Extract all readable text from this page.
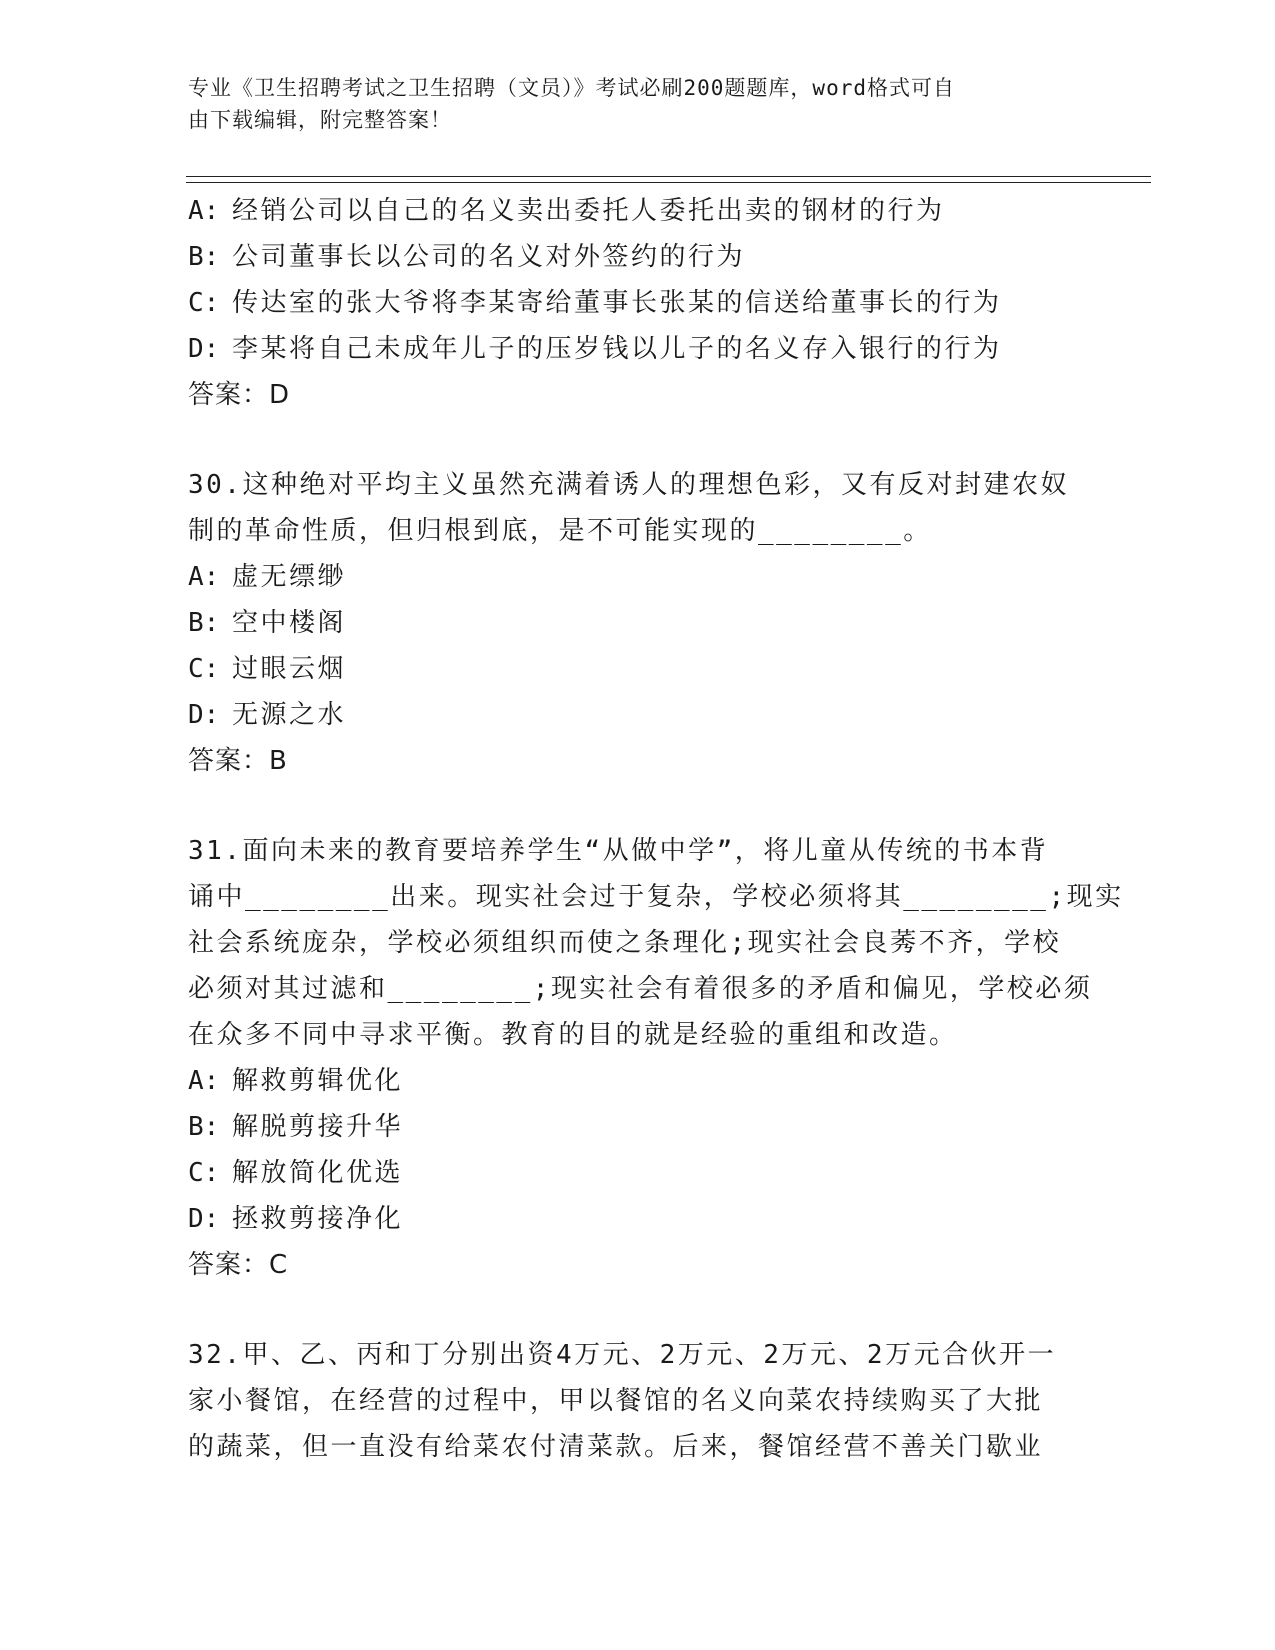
专业《卫生招聘考试之卫生招聘（文员）》考试必刷200题题库，word格式可自
由下载编辑，附完整答案！
A: 经销公司以自己的名义卖出委托人委托出卖的钢材的行为
B: 公司董事长以公司的名义对外签约的行为
C: 传达室的张大爷将李某寄给董事长张某的信送给董事长的行为
D: 李某将自己未成年儿子的压岁钱以儿子的名义存入银行的行为
答案：D
30.这种绝对平均主义虽然充满着诱人的理想色彩，又有反对封建农奴
制的革命性质，但归根到底，是不可能实现的________。
A: 虚无缥缈
B: 空中楼阁
C: 过眼云烟
D: 无源之水
答案：B
31.面向未来的教育要培养学生“从做中学”，将儿童从传统的书本背
诵中________出来。现实社会过于复杂，学校必须将其________;现实
社会系统庞杂，学校必须组织而使之条理化;现实社会良莠不齐，学校
必须对其过滤和________;现实社会有着很多的矛盾和偏见，学校必须
在众多不同中寻求平衡。教育的目的就是经验的重组和改造。
A: 解救剪辑优化
B: 解脱剪接升华
C: 解放简化优选
D: 拯救剪接净化
答案：C
32.甲、乙、丙和丁分别出资4万元、2万元、2万元、2万元合伙开一
家小餐馆，在经营的过程中，甲以餐馆的名义向菜农持续购买了大批
的蔬菜，但一直没有给菜农付清菜款。后来，餐馆经营不善关门歇业
